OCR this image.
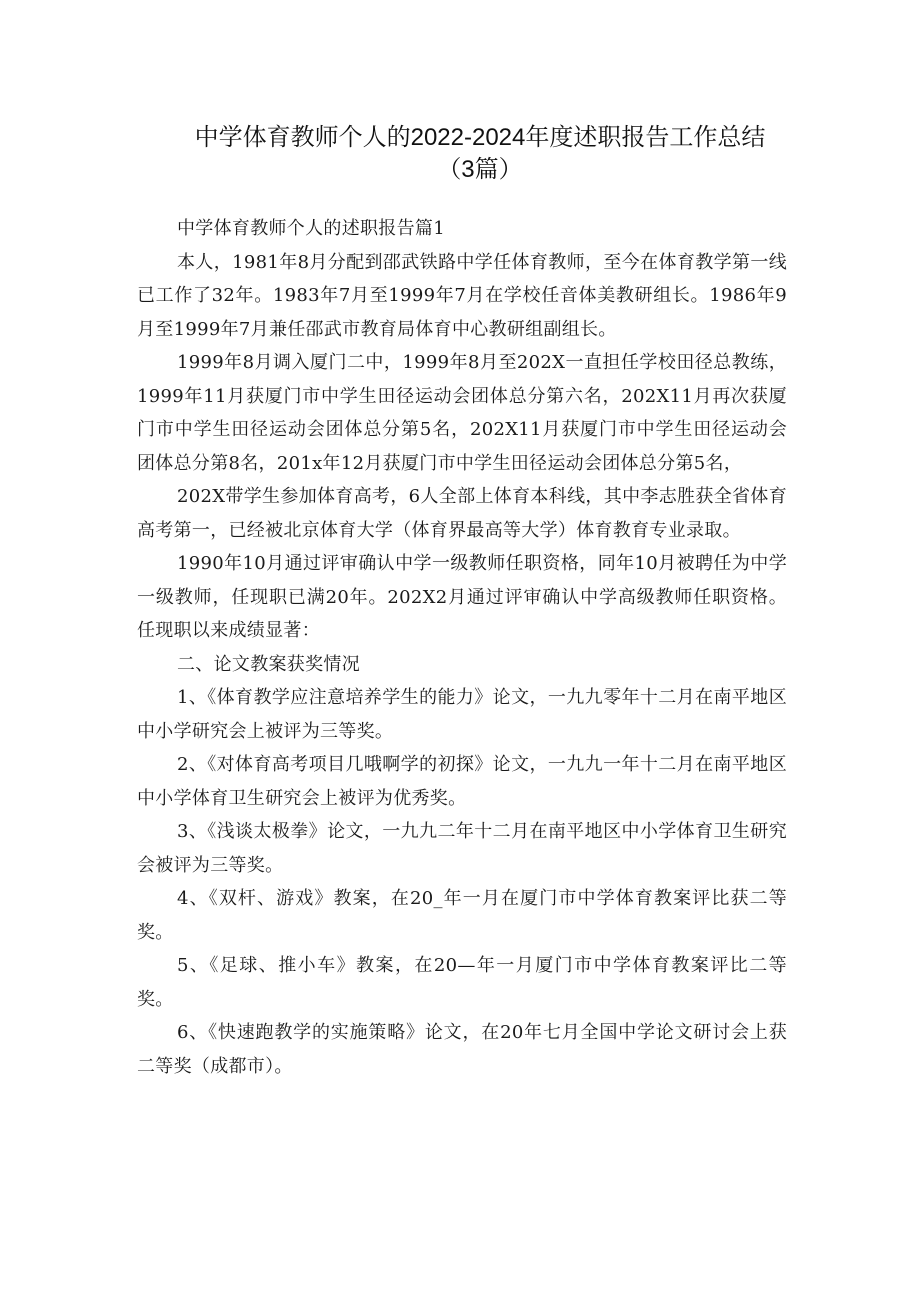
中学体育教师个人的2022-2024年度述职报告工作总结
（3篇）

中学体育教师个人的述职报告篇1

本人，1981年8月分配到邵武铁路中学任体育教师，至今在体育教学第一线已工作了32年。1983年7月至1999年7月在学校任音体美教研组长。1986年9月至1999年7月兼任邵武市教育局体育中心教研组副组长。

1999年8月调入厦门二中，1999年8月至202X一直担任学校田径总教练，1999年11月获厦门市中学生田径运动会团体总分第六名，202X11月再次获厦门市中学生田径运动会团体总分第5名，202X11月获厦门市中学生田径运动会团体总分第8名，201x年12月获厦门市中学生田径运动会团体总分第5名，

202X带学生参加体育高考，6人全部上体育本科线，其中李志胜获全省体育高考第一，已经被北京体育大学（体育界最高等大学）体育教育专业录取。

1990年10月通过评审确认中学一级教师任职资格，同年10月被聘任为中学一级教师，任现职已满20年。202X2月通过评审确认中学高级教师任职资格。任现职以来成绩显著：

二、论文教案获奖情况

1、《体育教学应注意培养学生的能力》论文，一九九零年十二月在南平地区中小学研究会上被评为三等奖。

2、《对体育高考项目几哦啊学的初探》论文，一九九一年十二月在南平地区中小学体育卫生研究会上被评为优秀奖。

3、《浅谈太极拳》论文，一九九二年十二月在南平地区中小学体育卫生研究会被评为三等奖。

4、《双杆、游戏》教案，在20_年一月在厦门市中学体育教案评比获二等奖。

5、《足球、推小车》教案，在20—年一月厦门市中学体育教案评比二等奖。

6、《快速跑教学的实施策略》论文，在20年七月全国中学论文研讨会上获二等奖（成都市）。
